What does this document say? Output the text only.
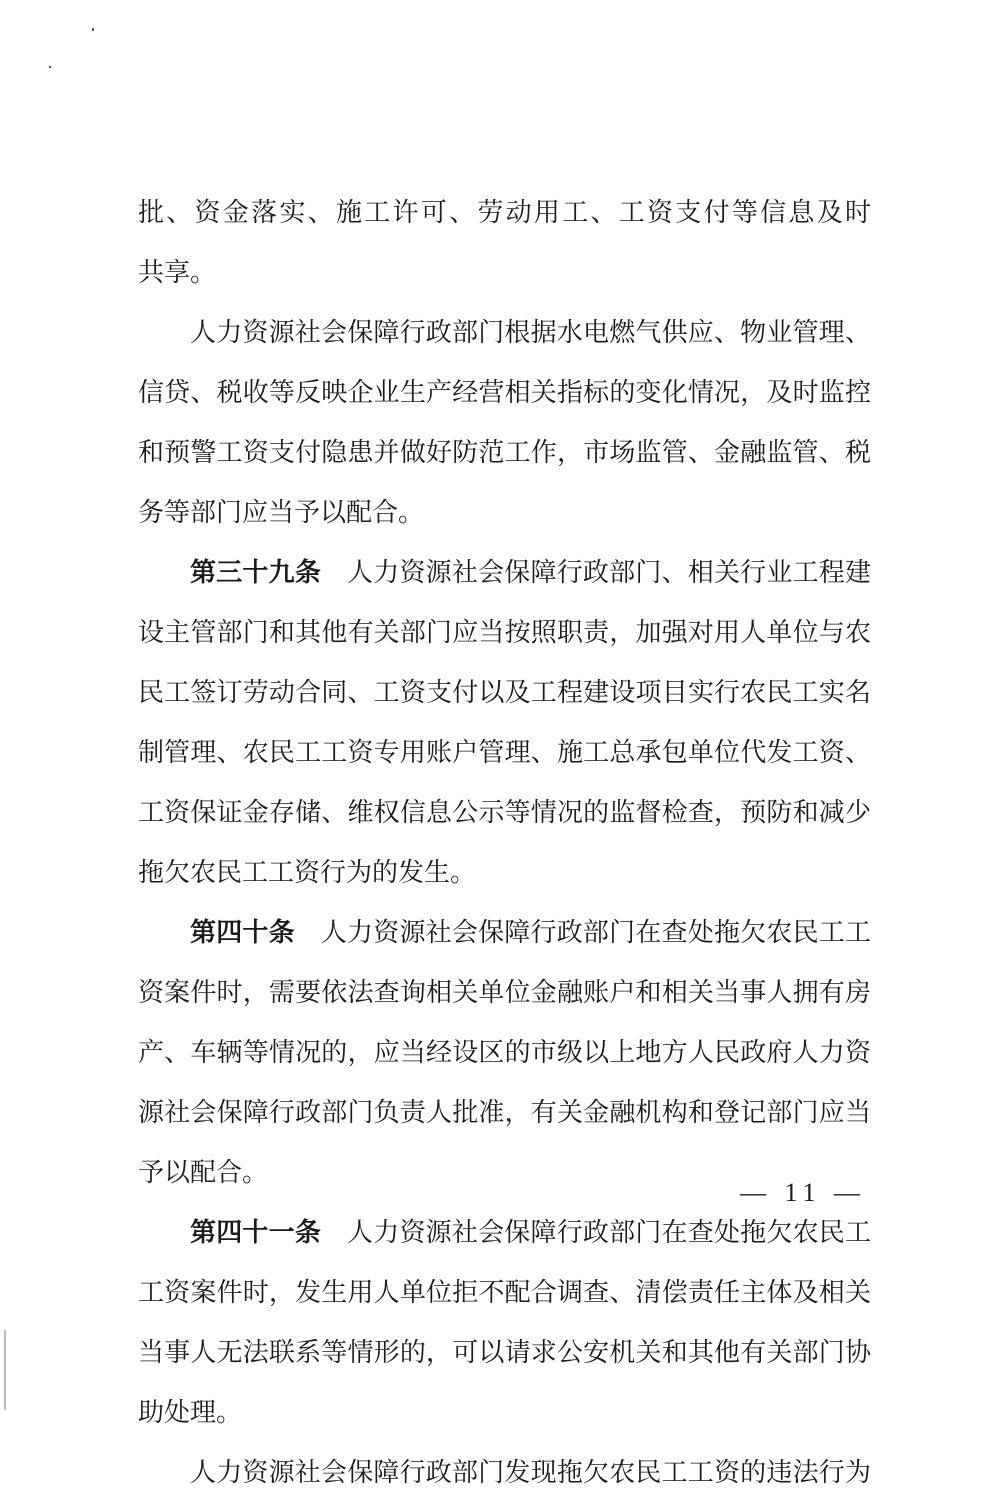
批、资金落实、施工许可、劳动用工、工资支付等信息及时
共享。
人力资源社会保障行政部门根据水电燃气供应、物业管理、
信贷、税收等反映企业生产经营相关指标的变化情况，及时监控
和预警工资支付隐患并做好防范工作，市场监管、金融监管、税
务等部门应当予以配合。
第三十九条 人力资源社会保障行政部门、相关行业工程建
设主管部门和其他有关部门应当按照职责，加强对用人单位与农
民工签订劳动合同、工资支付以及工程建设项目实行农民工实名
制管理、农民工工资专用账户管理、施工总承包单位代发工资、
工资保证金存储、维权信息公示等情况的监督检查，预防和减少
拖欠农民工工资行为的发生。
第四十条 人力资源社会保障行政部门在查处拖欠农民工工
资案件时，需要依法查询相关单位金融账户和相关当事人拥有房
产、车辆等情况的，应当经设区的市级以上地方人民政府人力资
源社会保障行政部门负责人批准，有关金融机构和登记部门应当
予以配合。
第四十一条 人力资源社会保障行政部门在查处拖欠农民工
工资案件时，发生用人单位拒不配合调查、清偿责任主体及相关
当事人无法联系等情形的，可以请求公安机关和其他有关部门协
助处理。
人力资源社会保障行政部门发现拖欠农民工工资的违法行为
— 11 —
